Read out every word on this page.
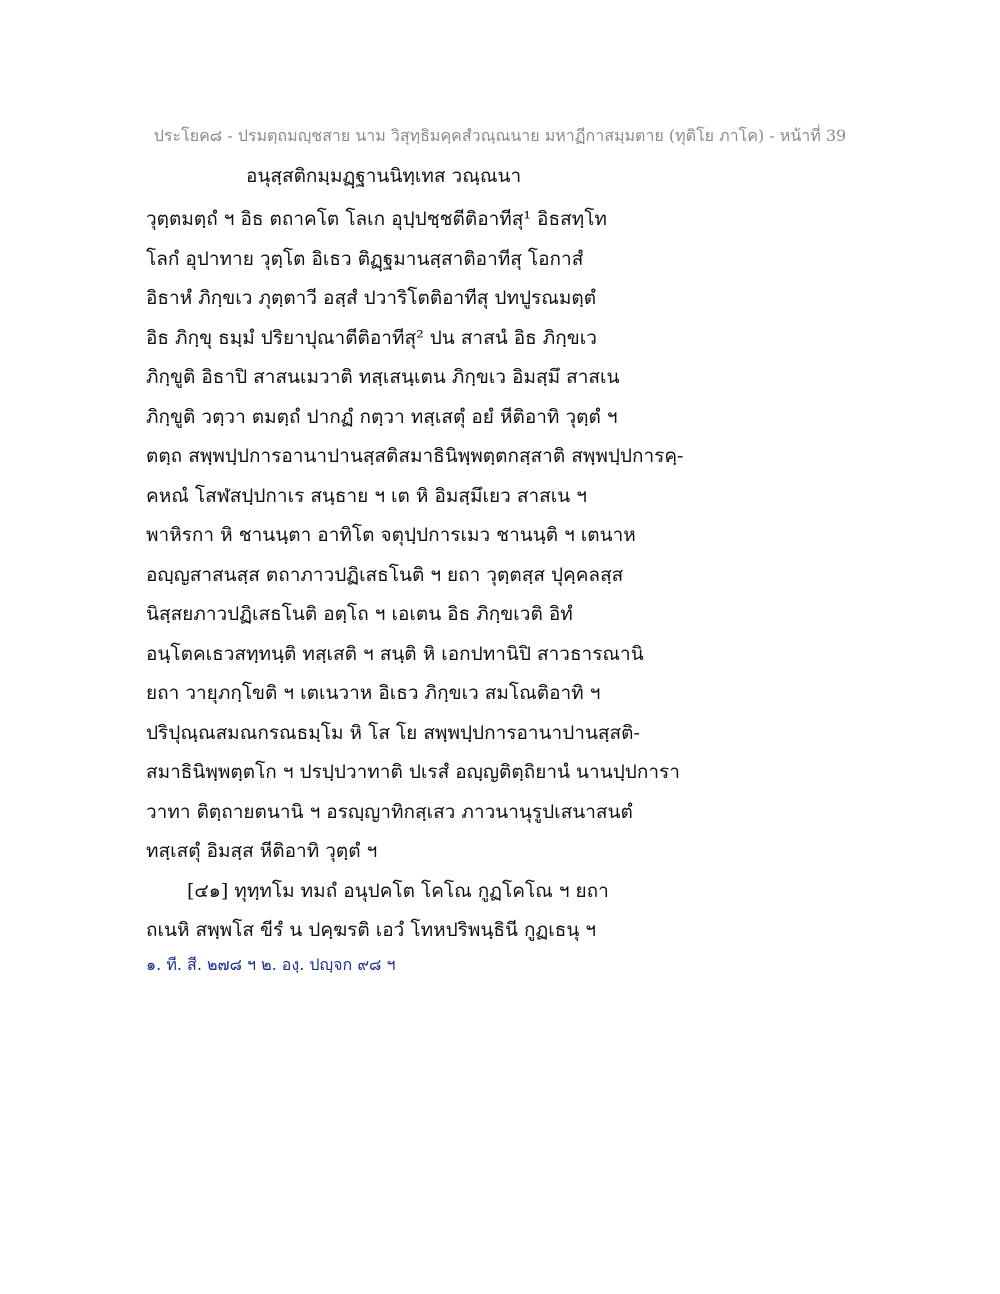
ประโยค๘ - ปรมตฺถมญฺชสาย นาม วิสุทฺธิมคฺคสํวณฺณนาย มหาฏีกาสมฺมตาย (ทุติโย ภาโค) - หน้าที่ 39
อนุสฺสติกมฺมฏฺฐานนิทฺเทส วณฺณนา
วุตฺตมตฺถํ ฯ อิธ ตถาคโต โลเก อุปฺปชฺชตีติอาทีสุ¹ อิธสทฺโท
โลกํ อุปาทาย วุตฺโต อิเธว ติฏฺฐมานสฺสาติอาทีสุ โอกาสํ
อิธาหํ ภิกฺขเว ภุตฺตาวี อสฺสํ ปวาริโตติอาทีสุ ปทปูรณมตฺตํ
อิธ ภิกฺขุ ธมฺมํ ปริยาปุณาตีติอาทีสุ² ปน สาสนํ อิธ ภิกฺขเว
ภิกฺขูติ อิธาปิ สาสนเมวาติ ทสฺเสนฺเตน ภิกฺขเว อิมสฺมึ สาสเน
ภิกฺขูติ วตฺวา ตมตฺถํ ปากฏํ กตฺวา ทสฺเสตุํ อยํ หีติอาทิ วุตฺตํ ฯ
ตตฺถ สพฺพปฺปการอานาปานสฺสติสมาธินิพฺพตฺตกสฺสาติ สพฺพปฺปการคฺ-
คหณํ โสฬสปฺปกาเร สนฺธาย ฯ เต หิ อิมสฺมึเยว สาสเน ฯ
พาหิรกา หิ ชานนฺตา อาทิโต จตุปฺปการเมว ชานนฺติ ฯ เตนาห
อญฺญสาสนสฺส ตถาภาวปฏิเสธโนติ ฯ ยถา วุตฺตสฺส ปุคฺคลสฺส
นิสฺสยภาวปฏิเสธโนติ อตฺโถ ฯ เอเตน อิธ ภิกฺขเวติ อิทํ
อนฺโตคเธวสทฺทนฺติ ทสฺเสติ ฯ สนฺติ หิ เอกปทานิปิ สาวธารณานิ
ยถา วายุภกฺโขติ ฯ เตเนวาห อิเธว ภิกฺขเว สมโณติอาทิ ฯ
ปริปุณฺณสมณกรณธมฺโม หิ โส โย สพฺพปฺปการอานาปานสฺสติ-
สมาธินิพฺพตฺตโก ฯ ปรปฺปวาทาติ ปเรสํ อญฺญติตฺถิยานํ นานปฺปการา
วาทา ติตฺถายตนานิ ฯ อรญฺญาทิกสฺเสว ภาวนานุรูปเสนาสนตํ
ทสฺเสตุํ อิมสฺส หีติอาทิ วุตฺตํ ฯ
[๔๑] ทุทฺทโม ทมถํ อนุปคโต โคโณ กูฏโคโณ ฯ ยถา
ถเนหิ สพฺพโส ขีรํ น ปคฺฆรติ เอวํ โทหปริพนฺธินี กูฏเธนุ ฯ
๑. ที. สี. ๒๗๘ ฯ ๒. องฺ. ปญฺจก ๙๘ ฯ
